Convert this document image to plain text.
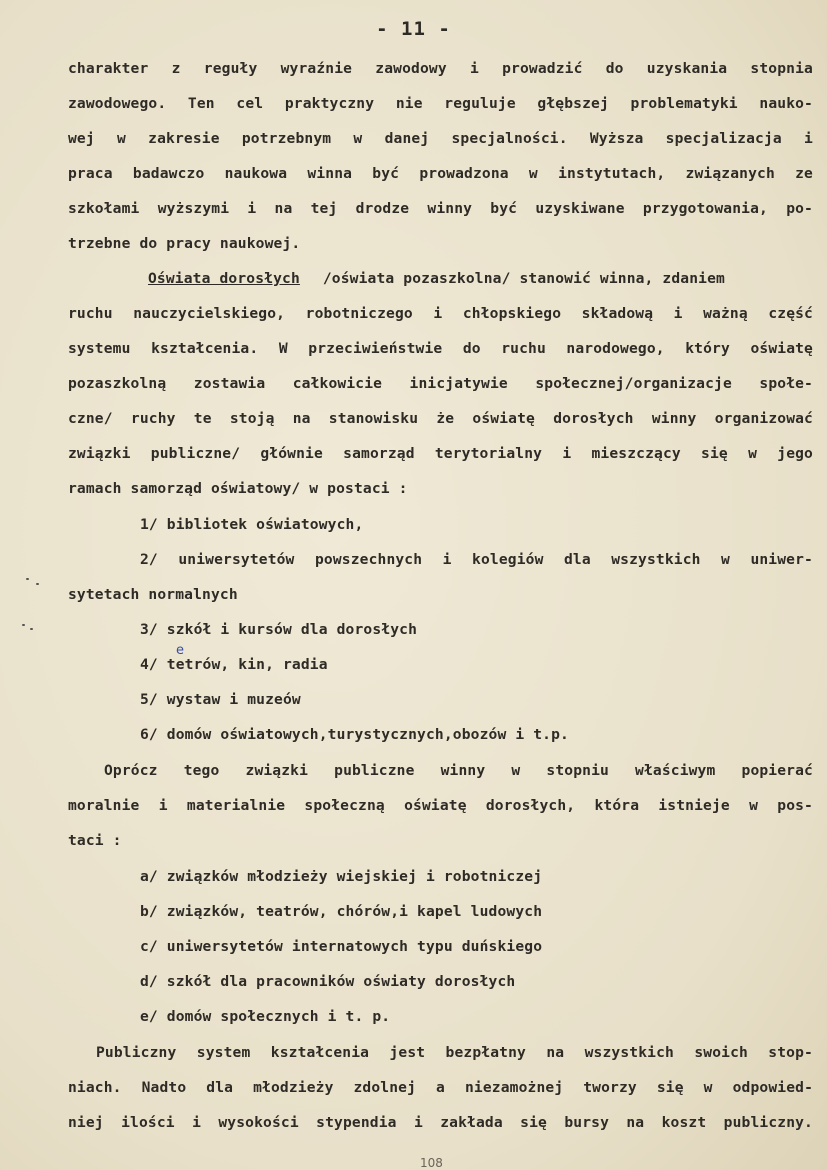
- 11 -
charakter z reguły wyraźnie zawodowy i prowadzić do uzyskania stopnia
zawodowego. Ten cel praktyczny nie reguluje głębszej problematyki nauko-
wej w zakresie potrzebnym w danej specjalności. Wyższa specjalizacja i
praca badawczo naukowa winna być prowadzona w instytutach, związanych ze
szkołami wyższymi i na tej drodze winny być uzyskiwane przygotowania, po-
trzebne do pracy naukowej.
Oświata dorosłych /oświata pozaszkolna/ stanowić winna, zdaniem
ruchu nauczycielskiego, robotniczego i chłopskiego składową i ważną część
systemu kształcenia. W przeciwieństwie do ruchu narodowego, który oświatę
pozaszkolną zostawia całkowicie inicjatywie społecznej/organizacje społe-
czne/ ruchy te stoją na stanowisku że oświatę dorosłych winny organizować
związki publiczne/ głównie samorząd terytorialny i mieszczący się w jego
ramach samorząd oświatowy/ w postaci :
1/ bibliotek oświatowych,
2/ uniwersytetów powszechnych i kolegiów dla wszystkich w uniwer-
sytetach normalnych
3/ szkół i kursów dla dorosłych
e
4/ tetrów, kin, radia
5/ wystaw i muzeów
6/ domów oświatowych,turystycznych,obozów i t.p.
Oprócz tego związki publiczne winny w stopniu właściwym popierać
moralnie i materialnie społeczną oświatę dorosłych, która istnieje w pos-
taci :
a/ związków młodzieży wiejskiej i robotniczej
b/ związków, teatrów, chórów,i kapel ludowych
c/ uniwersytetów internatowych typu duńskiego
d/ szkół dla pracowników oświaty dorosłych
e/ domów społecznych i t. p.
Publiczny system kształcenia jest bezpłatny na wszystkich swoich stop-
niach. Nadto dla młodzieży zdolnej a niezamożnej tworzy się w odpowied-
niej ilości i wysokości stypendia i zakłada się bursy na koszt publiczny.
108
